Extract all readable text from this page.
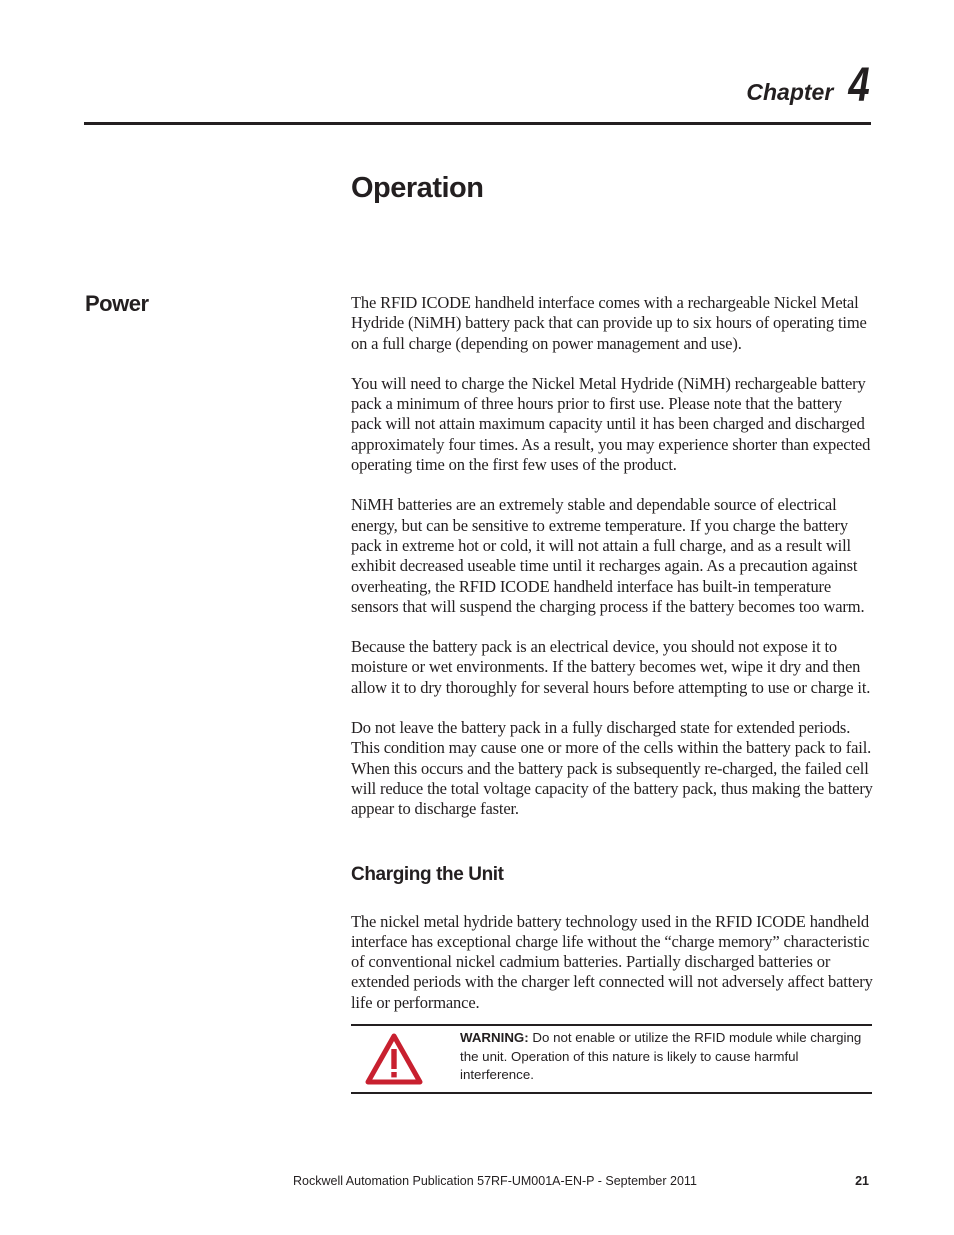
Chapter 4
Operation
Power	The RFID ICODE handheld interface comes with a rechargeable Nickel Metal Hydride (NiMH) battery pack that can provide up to six hours of operating time on a full charge (depending on power management and use).

You will need to charge the Nickel Metal Hydride (NiMH) rechargeable battery pack a minimum of three hours prior to first use. Please note that the battery pack will not attain maximum capacity until it has been charged and discharged approximately four times. As a result, you may experience shorter than expected operating time on the first few uses of the product.

NiMH batteries are an extremely stable and dependable source of electrical energy, but can be sensitive to extreme temperature. If you charge the battery pack in extreme hot or cold, it will not attain a full charge, and as a result will exhibit decreased useable time until it recharges again. As a precaution against overheating, the RFID ICODE handheld interface has built-in temperature sensors that will suspend the charging process if the battery becomes too warm.

Because the battery pack is an electrical device, you should not expose it to moisture or wet environments. If the battery becomes wet, wipe it dry and then allow it to dry thoroughly for several hours before attempting to use or charge it.

Do not leave the battery pack in a fully discharged state for extended periods. This condition may cause one or more of the cells within the battery pack to fail. When this occurs and the battery pack is subsequently re-charged, the failed cell will reduce the total voltage capacity of the battery pack, thus making the battery appear to discharge faster.

Charging the Unit

The nickel metal hydride battery technology used in the RFID ICODE handheld interface has exceptional charge life without the “charge memory” characteristic of conventional nickel cadmium batteries. Partially discharged batteries or extended periods with the charger left connected will not adversely affect battery life or performance.

WARNING: Do not enable or utilize the RFID module while charging the unit. Operation of this nature is likely to cause harmful interference.
Rockwell Automation Publication 57RF-UM001A-EN-P - September 2011	21
